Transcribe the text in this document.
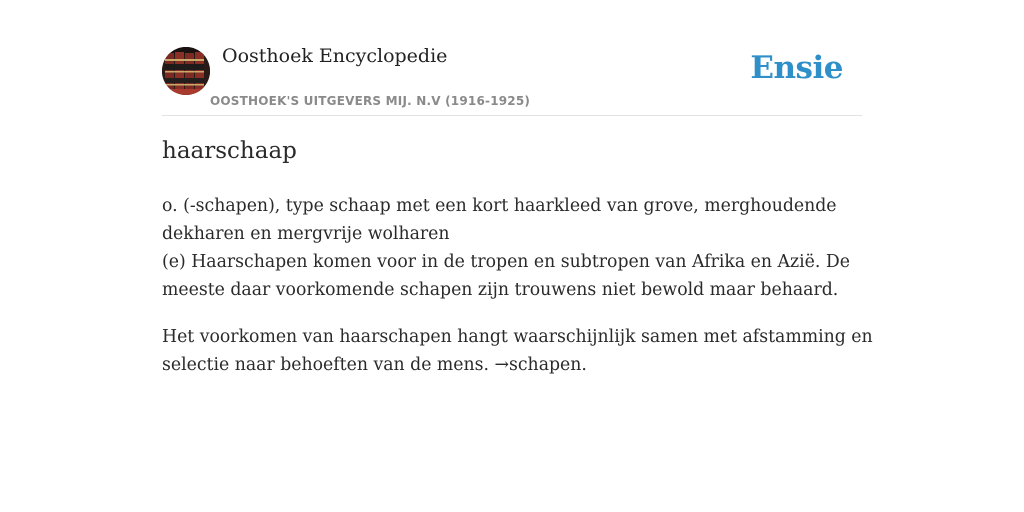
Oosthoek Encyclopedie
OOSTHOEK'S UITGEVERS MIJ. N.V (1916-1925)
Ensie
haarschaap

o. (-schapen), type schaap met een kort haarkleed van grove, merghoudende
dekharen en mergvrije wolharen
(e) Haarschapen komen voor in de tropen en subtropen van Afrika en Azië. De
meeste daar voorkomende schapen zijn trouwens niet bewold maar behaard.

Het voorkomen van haarschapen hangt waarschijnlijk samen met afstamming en
selectie naar behoeften van de mens. →schapen.
